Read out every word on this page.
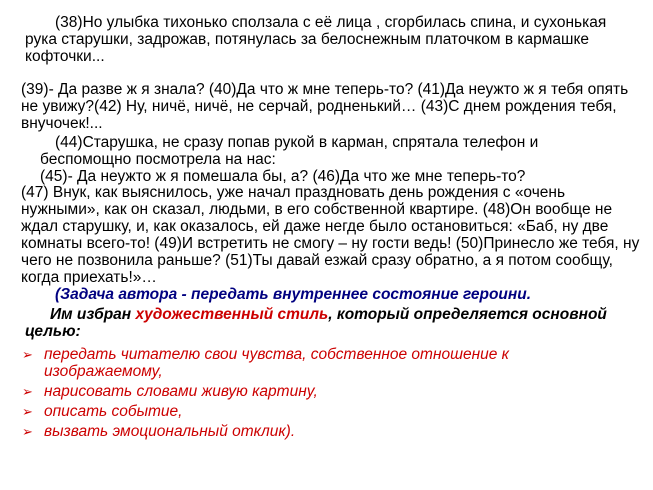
(38)Но улыбка тихонько сползала с её лица , сгорбилась спина, и сухонькая рука старушки, задрожав, потянулась за белоснежным платочком в кармашке кофточки...

(39)- Да разве ж я знала? (40)Да что ж мне теперь-то? (41)Да неужто ж я тебя опять не увижу?(42) Ну, ничё, ничё, не серчай, родненький… (43)С днем рождения тебя, внучочек!...

(44)Старушка, не сразу попав рукой в карман, спрятала телефон и беспомощно посмотрела на нас:
(45)- Да неужто ж я помешала бы, а? (46)Да что же мне теперь-то?

(47) Внук, как выяснилось, уже начал праздновать день рождения с «очень нужными», как он сказал, людьми, в его собственной квартире. (48)Он вообще не ждал старушку, и, как оказалось, ей даже негде было остановиться: «Баб, ну две комнаты всего-то! (49)И встретить не смогу – ну гости ведь! (50)Принесло же тебя, ну чего не позвонила раньше? (51)Ты давай езжай сразу обратно, а я потом сообщу, когда приехать!»…

(Задача автора - передать внутреннее состояние героини.

Им избран художественный стиль, который определяется основной целью:

➢ передать читателю свои чувства, собственное отношение к изображаемому,
➢ нарисовать словами живую картину,
➢ описать событие,
➢ вызвать эмоциональный отклик).
